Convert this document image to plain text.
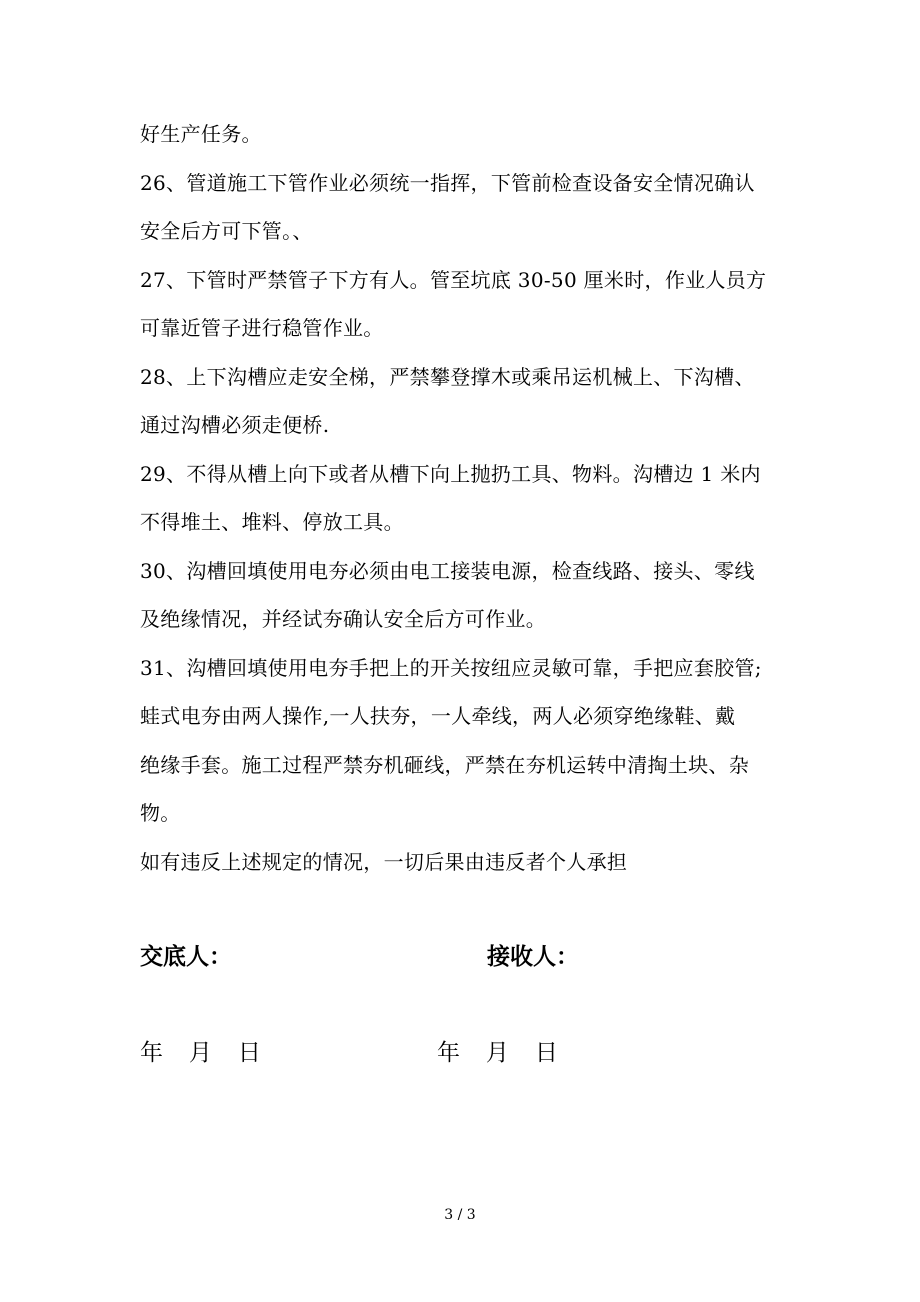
好生产任务。
26、管道施工下管作业必须统一指挥，下管前检查设备安全情况确认
安全后方可下管。、
27、下管时严禁管子下方有人。管至坑底 30-50 厘米时，作业人员方
可靠近管子进行稳管作业。
28、上下沟槽应走安全梯，严禁攀登撑木或乘吊运机械上、下沟槽、
通过沟槽必须走便桥.
29、不得从槽上向下或者从槽下向上抛扔工具、物料。沟槽边 1 米内
不得堆土、堆料、停放工具。
30、沟槽回填使用电夯必须由电工接装电源，检查线路、接头、零线
及绝缘情况，并经试夯确认安全后方可作业。
31、沟槽回填使用电夯手把上的开关按纽应灵敏可靠，手把应套胶管;
蛙式电夯由两人操作,一人扶夯，一人牵线，两人必须穿绝缘鞋、戴
绝缘手套。施工过程严禁夯机砸线，严禁在夯机运转中清掏土块、杂
物。
如有违反上述规定的情况，一切后果由违反者个人承担
交底人：	接收人：
年   月   日	年   月   日
3 / 3
